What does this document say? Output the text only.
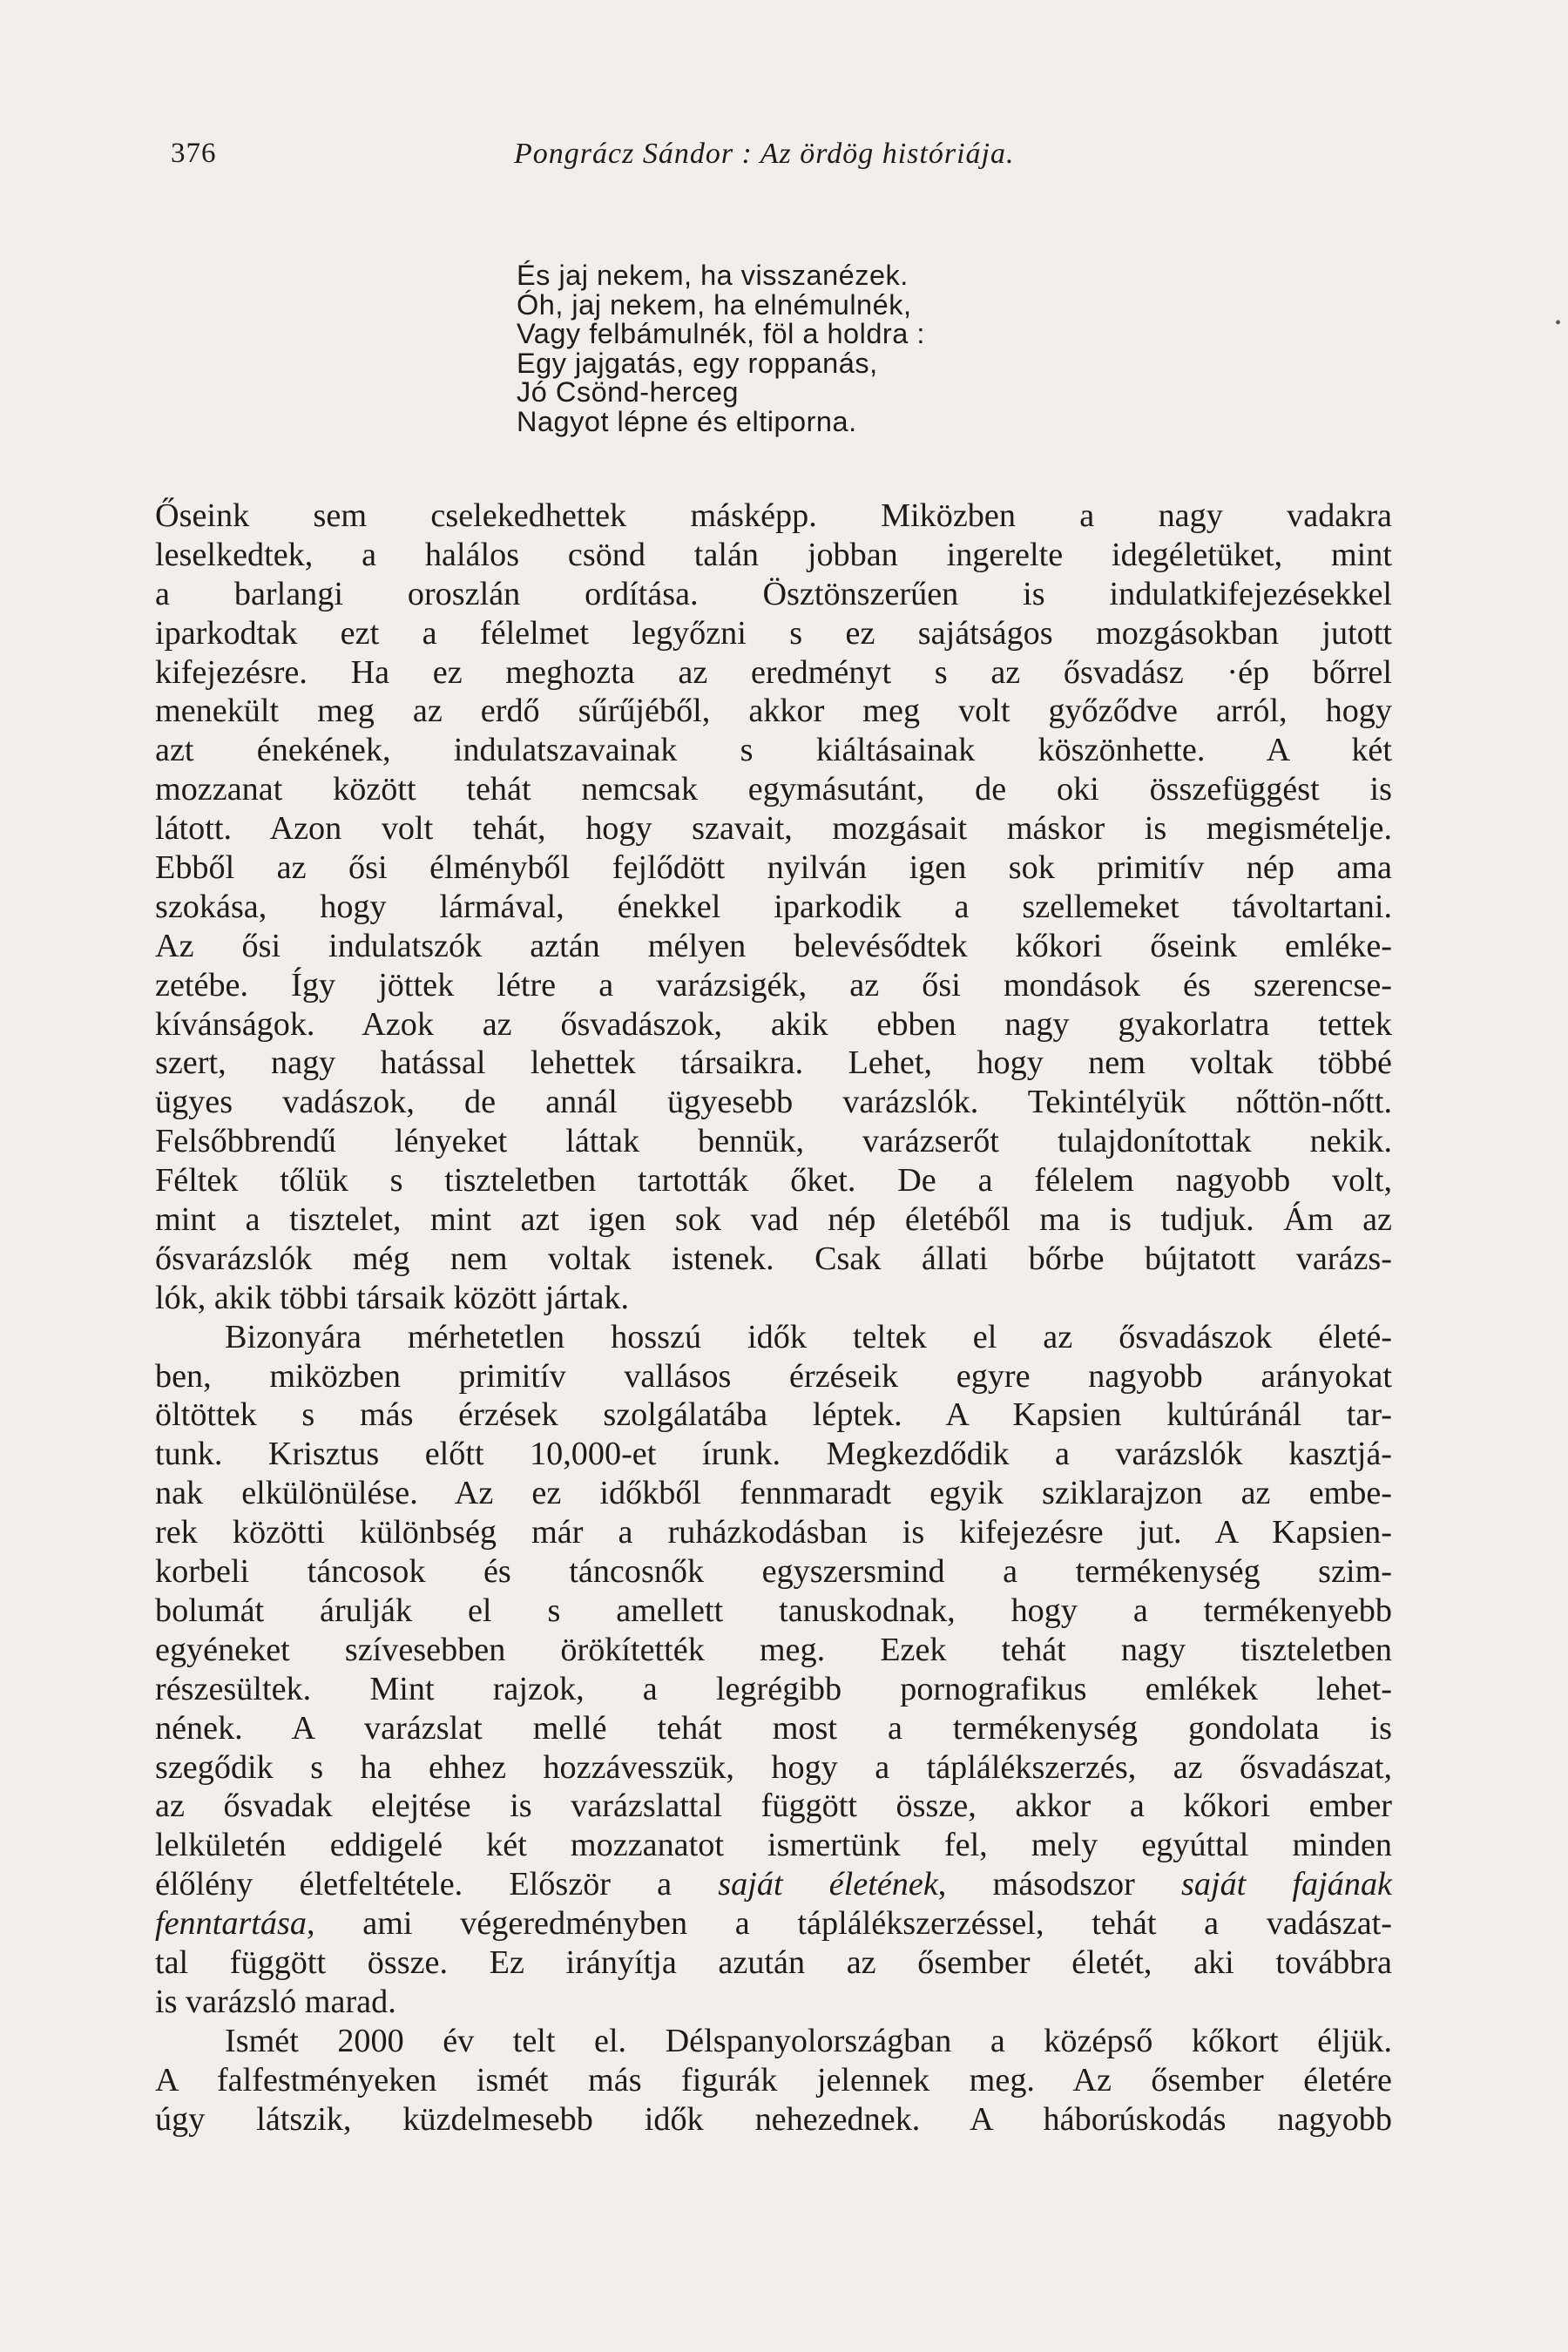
376	Pongrácz Sándor : Az ördög históriája.
•
És jaj nekem, ha visszanézek.
Óh, jaj nekem, ha elnémulnék,
Vagy felbámulnék, föl a holdra :
Egy jajgatás, egy roppanás,
Jó Csönd-herceg
Nagyot lépne és eltiporna.
Őseink sem cselekedhettek másképp. Miközben a nagy vadakra
leselkedtek, a halálos csönd talán jobban ingerelte idegéletüket, mint
a barlangi oroszlán ordítása. Ösztönszerűen is indulatkifejezésekkel
iparkodtak ezt a félelmet legyőzni s ez sajátságos mozgásokban jutott
kifejezésre. Ha ez meghozta az eredményt s az ősvadász ·ép bőrrel
menekült meg az erdő sűrűjéből, akkor meg volt győződve arról, hogy
azt énekének, indulatszavainak s kiáltásainak köszönhette. A két
mozzanat között tehát nemcsak egymásutánt, de oki összefüggést is
látott. Azon volt tehát, hogy szavait, mozgásait máskor is megismételje.
Ebből az ősi élményből fejlődött nyilván igen sok primitív nép ama
szokása, hogy lármával, énekkel iparkodik a szellemeket távoltartani.
Az ősi indulatszók aztán mélyen belevésődtek kőkori őseink emléke-
zetébe. Így jöttek létre a varázsigék, az ősi mondások és szerencse-
kívánságok. Azok az ősvadászok, akik ebben nagy gyakorlatra tettek
szert, nagy hatással lehettek társaikra. Lehet, hogy nem voltak többé
ügyes vadászok, de annál ügyesebb varázslók. Tekintélyük nőttön-nőtt.
Felsőbbrendű lényeket láttak bennük, varázserőt tulajdonítottak nekik.
Féltek tőlük s tiszteletben tartották őket. De a félelem nagyobb volt,
mint a tisztelet, mint azt igen sok vad nép életéből ma is tudjuk. Ám az
ősvarázslók még nem voltak istenek. Csak állati bőrbe bújtatott varázs-
lók, akik többi társaik között jártak.
Bizonyára mérhetetlen hosszú idők teltek el az ősvadászok életé-
ben, miközben primitív vallásos érzéseik egyre nagyobb arányokat
öltöttek s más érzések szolgálatába léptek. A Kapsien kultúránál tar-
tunk. Krisztus előtt 10,000-et írunk. Megkezdődik a varázslók kasztjá-
nak elkülönülése. Az ez időkből fennmaradt egyik sziklarajzon az embe-
rek közötti különbség már a ruházkodásban is kifejezésre jut. A Kapsien-
korbeli táncosok és táncosnők egyszersmind a termékenység szim-
bolumát árulják el s amellett tanuskodnak, hogy a termékenyebb
egyéneket szívesebben örökítették meg. Ezek tehát nagy tiszteletben
részesültek. Mint rajzok, a legrégibb pornografikus emlékek lehet-
nének. A varázslat mellé tehát most a termékenység gondolata is
szegődik s ha ehhez hozzávesszük, hogy a táplálékszerzés, az ősvadászat,
az ősvadak elejtése is varázslattal függött össze, akkor a kőkori ember
lelkületén eddigelé két mozzanatot ismertünk fel, mely egyúttal minden
élőlény életfeltétele. Először a saját életének, másodszor saját fajának
fenntartása, ami végeredményben a táplálékszerzéssel, tehát a vadászat-
tal függött össze. Ez irányítja azután az ősember életét, aki továbbra
is varázsló marad.
Ismét 2000 év telt el. Délspanyolországban a középső kőkort éljük.
A falfestményeken ismét más figurák jelennek meg. Az ősember életére
úgy látszik, küzdelmesebb idők nehezednek. A háborúskodás nagyobb
